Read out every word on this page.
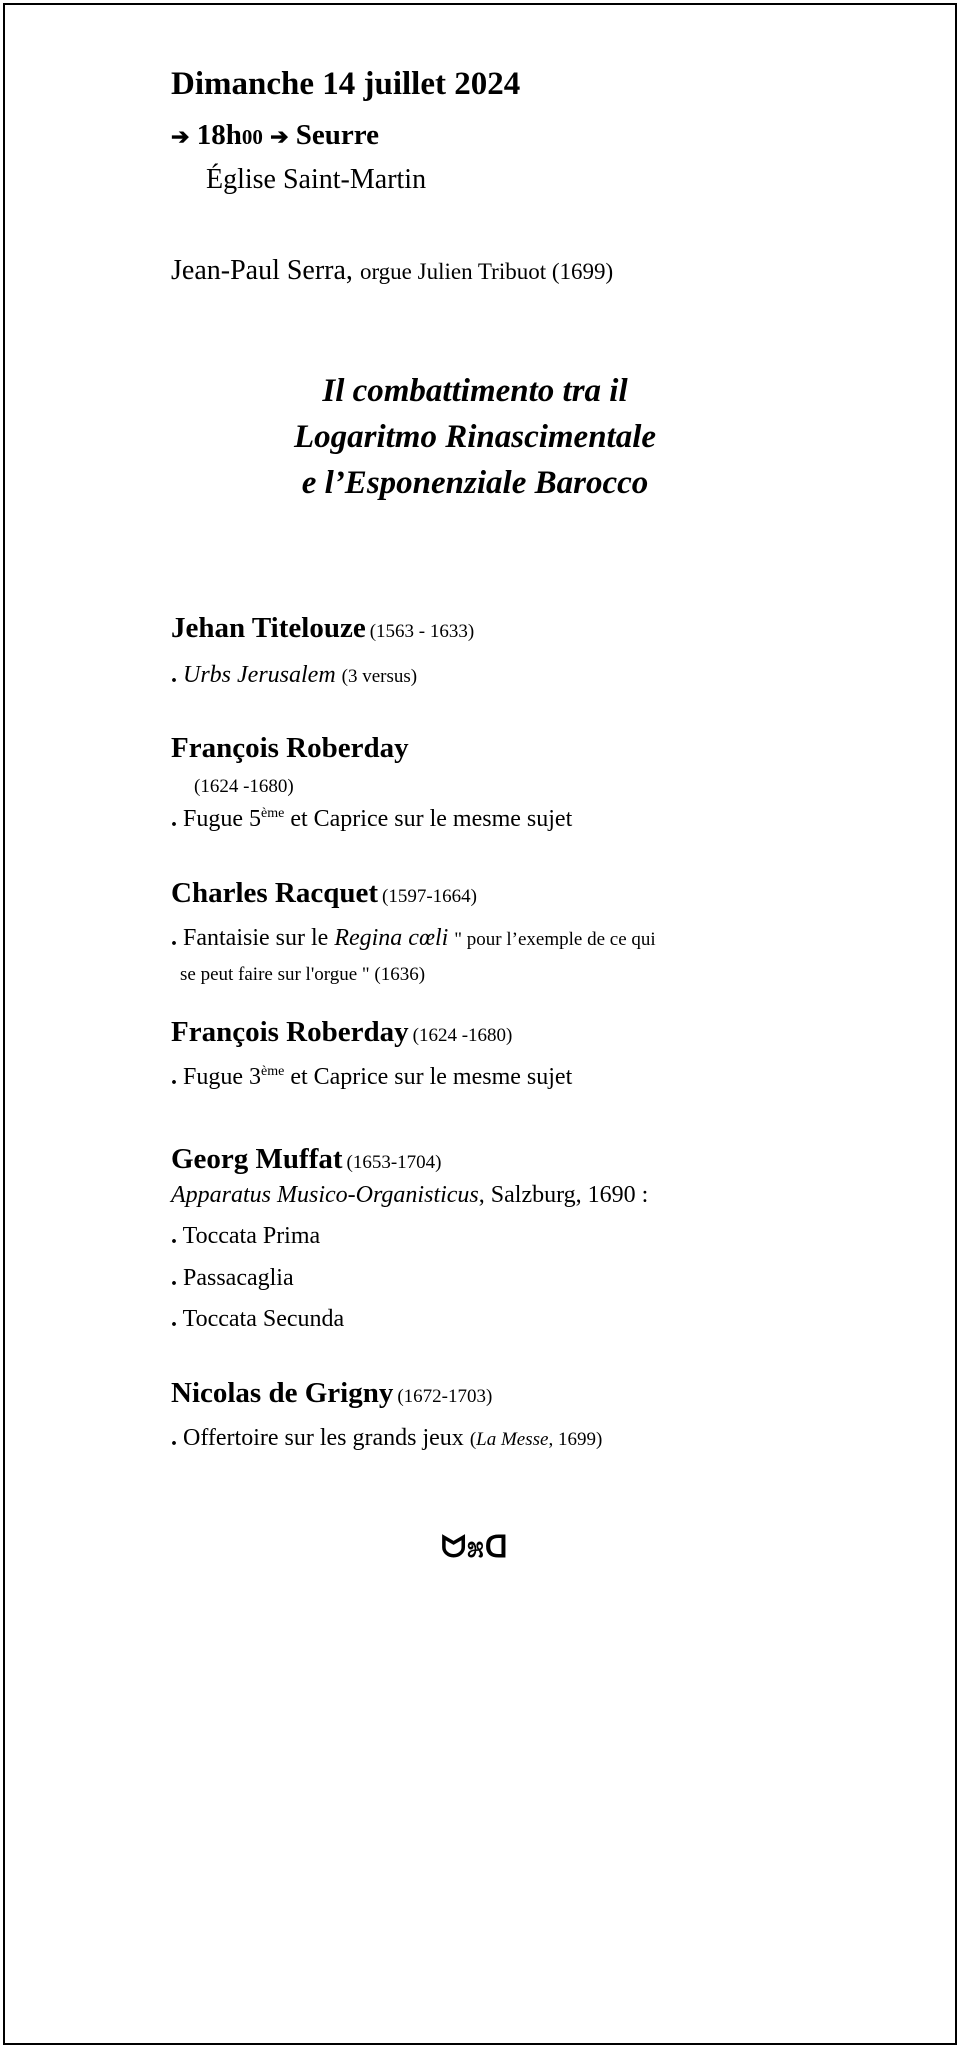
Dimanche 14 juillet 2024
➔ 18h00 ➔ Seurre
Église Saint-Martin
Jean-Paul Serra, orgue Julien Tribuot (1699)
Il combattimento tra il
Logaritmo Rinascimentale
e l’Esponenziale Barocco
Jehan Titelouze (1563 - 1633)
. Urbs Jerusalem (3 versus)
François Roberday
(1624 -1680)
. Fugue 5ème et Caprice sur le mesme sujet
Charles Racquet (1597-1664)
. Fantaisie sur le Regina cœli " pour l’exemple de ce qui
se peut faire sur l'orgue " (1636)
François Roberday (1624 -1680)
. Fugue 3ème et Caprice sur le mesme sujet
Georg Muffat (1653-1704)
Apparatus Musico-Organisticus, Salzburg, 1690 :
. Toccata Prima
. Passacaglia
. Toccata Secunda
Nicolas de Grigny (1672-1703)
. Offertoire sur les grands jeux (La Messe, 1699)
ᗢ೫ᗡ
